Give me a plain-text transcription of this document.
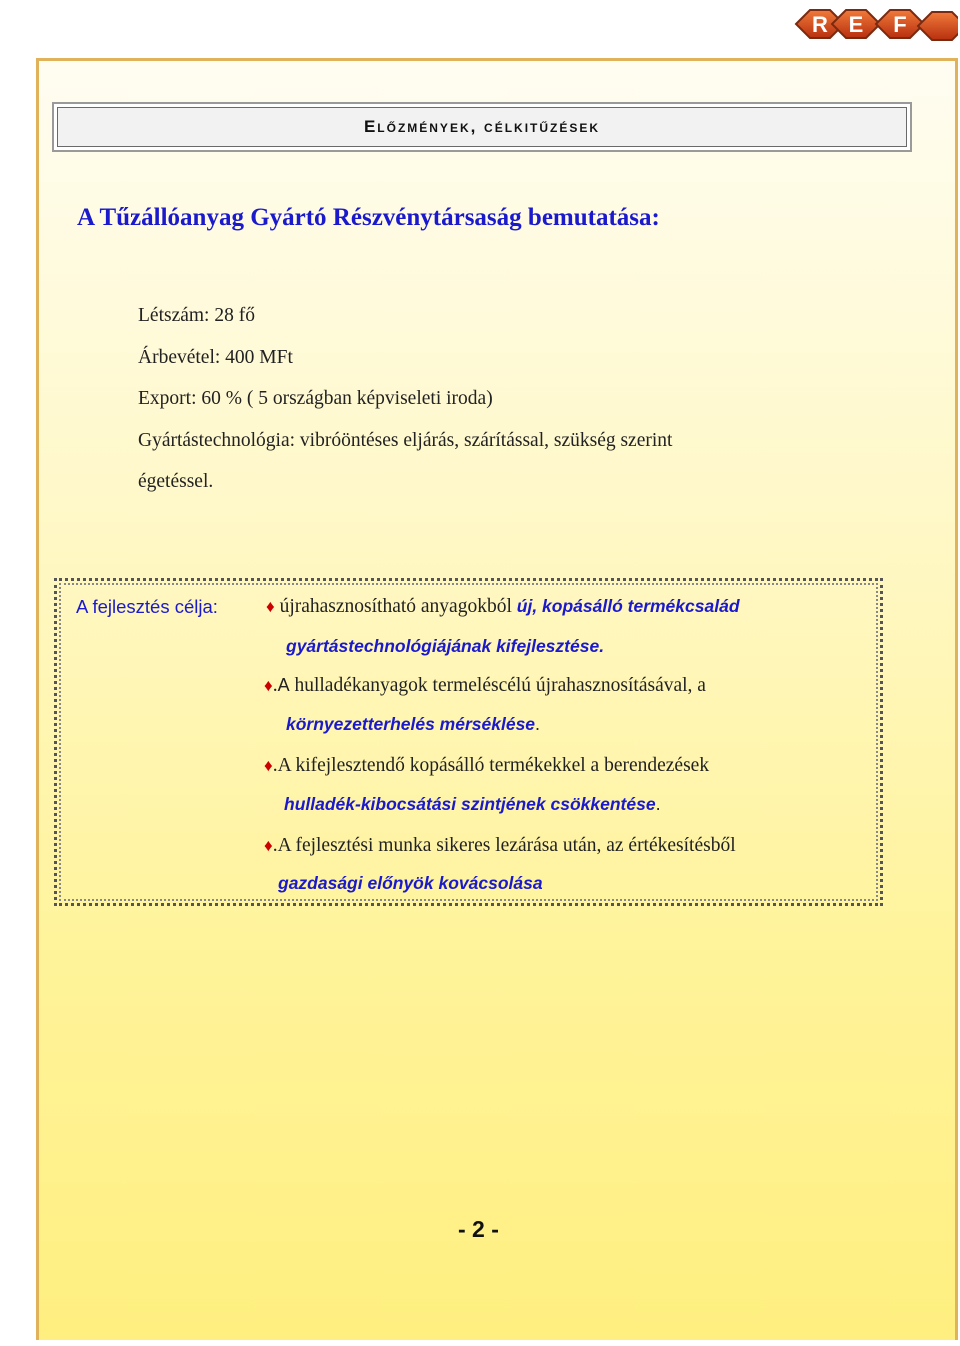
R E F
Előzmények, célkitűzések
A Tűzállóanyag Gyártó Részvénytársaság bemutatása:
Létszám: 28 fő
Árbevétel: 400 MFt
Export: 60 % ( 5 országban képviseleti iroda)
Gyártástechnológia: vibróöntéses eljárás, szárítással, szükség szerint
égetéssel.
A fejlesztés célja:	♦ újrahasznosítható anyagokból új, kopásálló termékcsalád
gyártástechnológiájának kifejlesztése.
♦.A hulladékanyagok termeléscélú újrahasznosításával, a
környezetterhelés mérséklése.
♦.A kifejlesztendő kopásálló termékekkel a berendezések
hulladék-kibocsátási szintjének csökkentése.
♦.A fejlesztési munka sikeres lezárása után, az értékesítésből
gazdasági előnyök kovácsolása
- 2 -
